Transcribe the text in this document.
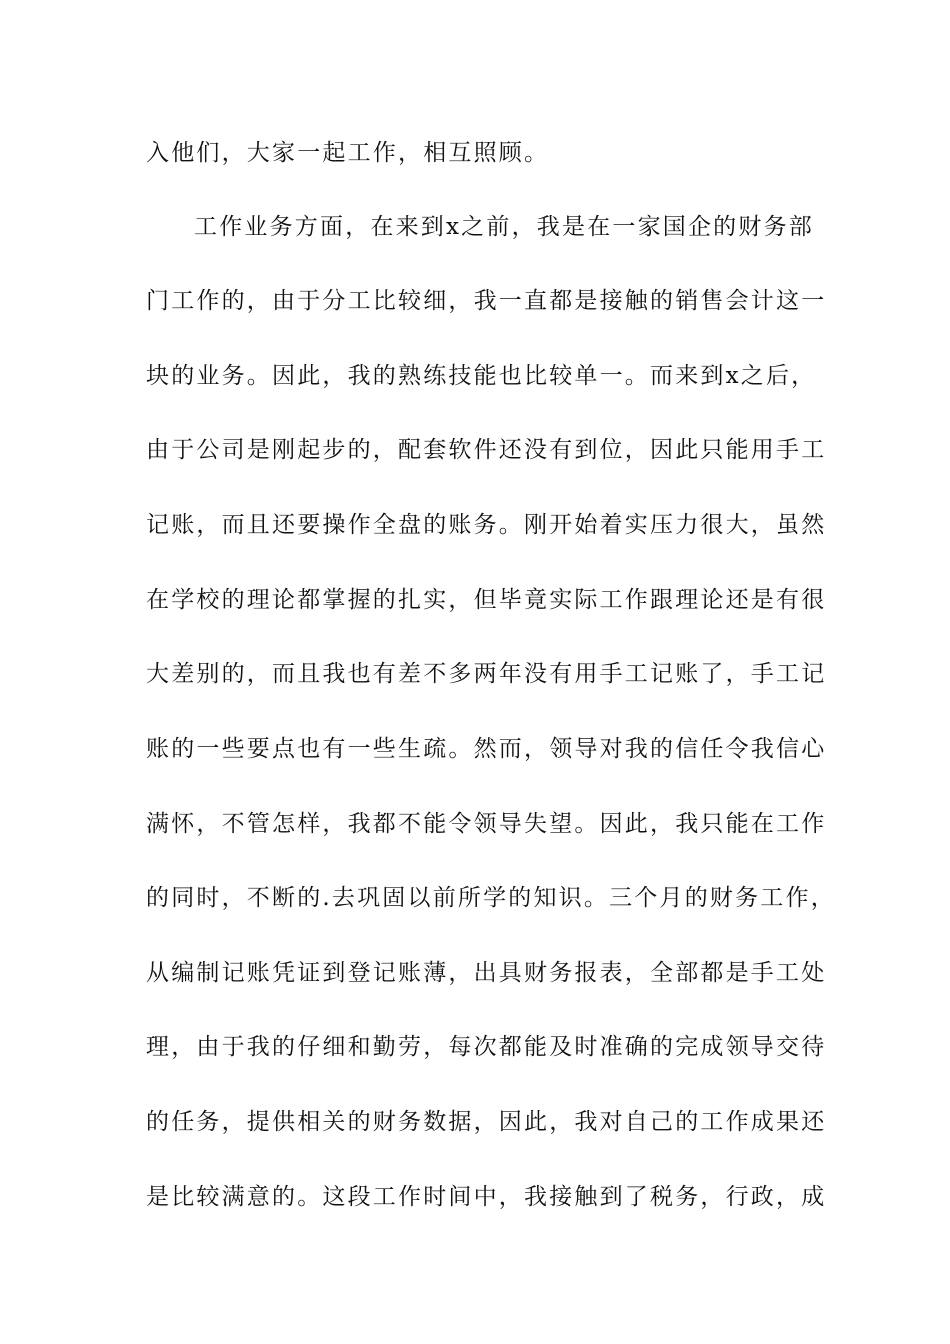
入他们，大家一起工作，相互照顾。
工作业务方面，在来到x之前，我是在一家国企的财务部
门工作的，由于分工比较细，我一直都是接触的销售会计这一
块的业务。因此，我的熟练技能也比较单一。而来到x之后，
由于公司是刚起步的，配套软件还没有到位，因此只能用手工
记账，而且还要操作全盘的账务。刚开始着实压力很大，虽然
在学校的理论都掌握的扎实，但毕竟实际工作跟理论还是有很
大差别的，而且我也有差不多两年没有用手工记账了，手工记
账的一些要点也有一些生疏。然而，领导对我的信任令我信心
满怀，不管怎样，我都不能令领导失望。因此，我只能在工作
的同时，不断的.去巩固以前所学的知识。三个月的财务工作，
从编制记账凭证到登记账薄，出具财务报表，全部都是手工处
理，由于我的仔细和勤劳，每次都能及时准确的完成领导交待
的任务，提供相关的财务数据，因此，我对自己的工作成果还
是比较满意的。这段工作时间中，我接触到了税务，行政，成
